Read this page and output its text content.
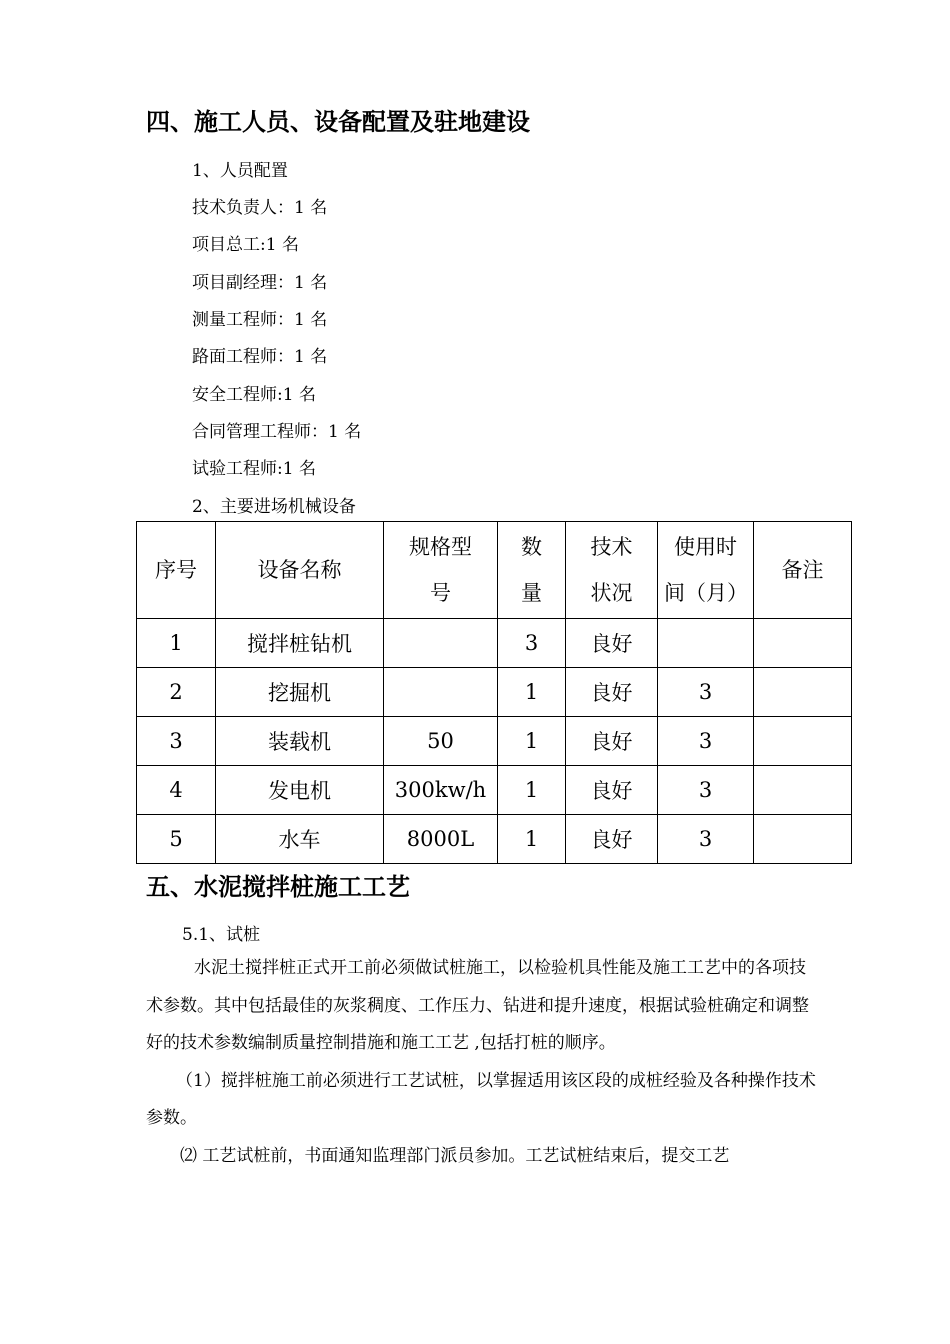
四、施工人员、设备配置及驻地建设
1、人员配置
技术负责人：1 名
项目总工:1 名
项目副经理：1 名
测量工程师：1 名
路面工程师：1 名
安全工程师:1 名
合同管理工程师：1 名
试验工程师:1 名
2、主要进场机械设备
序号	设备名称	规格型号	数量	技术状况	使用时间（月）	备注
1	搅拌桩钻机		3	良好		
2	挖掘机		1	良好	3	
3	装载机	50	1	良好	3	
4	发电机	300kw/h	1	良好	3	
5	水车	8000L	1	良好	3	
五、水泥搅拌桩施工工艺
5.1、试桩

水泥土搅拌桩正式开工前必须做试桩施工，以检验机具性能及施工工艺中的各项技术参数。其中包括最佳的灰浆稠度、工作压力、钻进和提升速度，根据试验桩确定和调整好的技术参数编制质量控制措施和施工工艺 ,包括打桩的顺序。

（1）搅拌桩施工前必须进行工艺试桩，以掌握适用该区段的成桩经验及各种操作技术参数。

⑵ 工艺试桩前，书面通知监理部门派员参加。工艺试桩结束后，提交工艺
